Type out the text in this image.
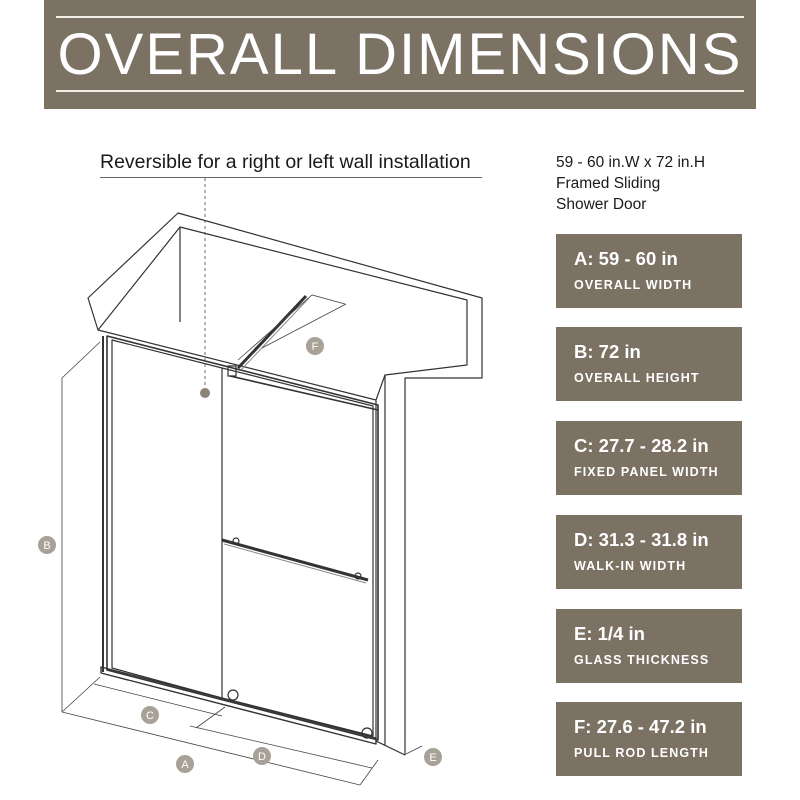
OVERALL DIMENSIONS
Reversible for a right or left wall installation	59 - 60 in.W x 72 in.H
Framed Sliding
Shower Door
A: 59 - 60 in
OVERALL WIDTH
B: 72 in
OVERALL HEIGHT
C: 27.7 - 28.2 in
FIXED PANEL WIDTH
D: 31.3 - 31.8 in
WALK-IN WIDTH
E: 1/4 in
GLASS THICKNESS
F: 27.6 - 47.2 in
PULL ROD LENGTH
B
C
A
D	E
F
